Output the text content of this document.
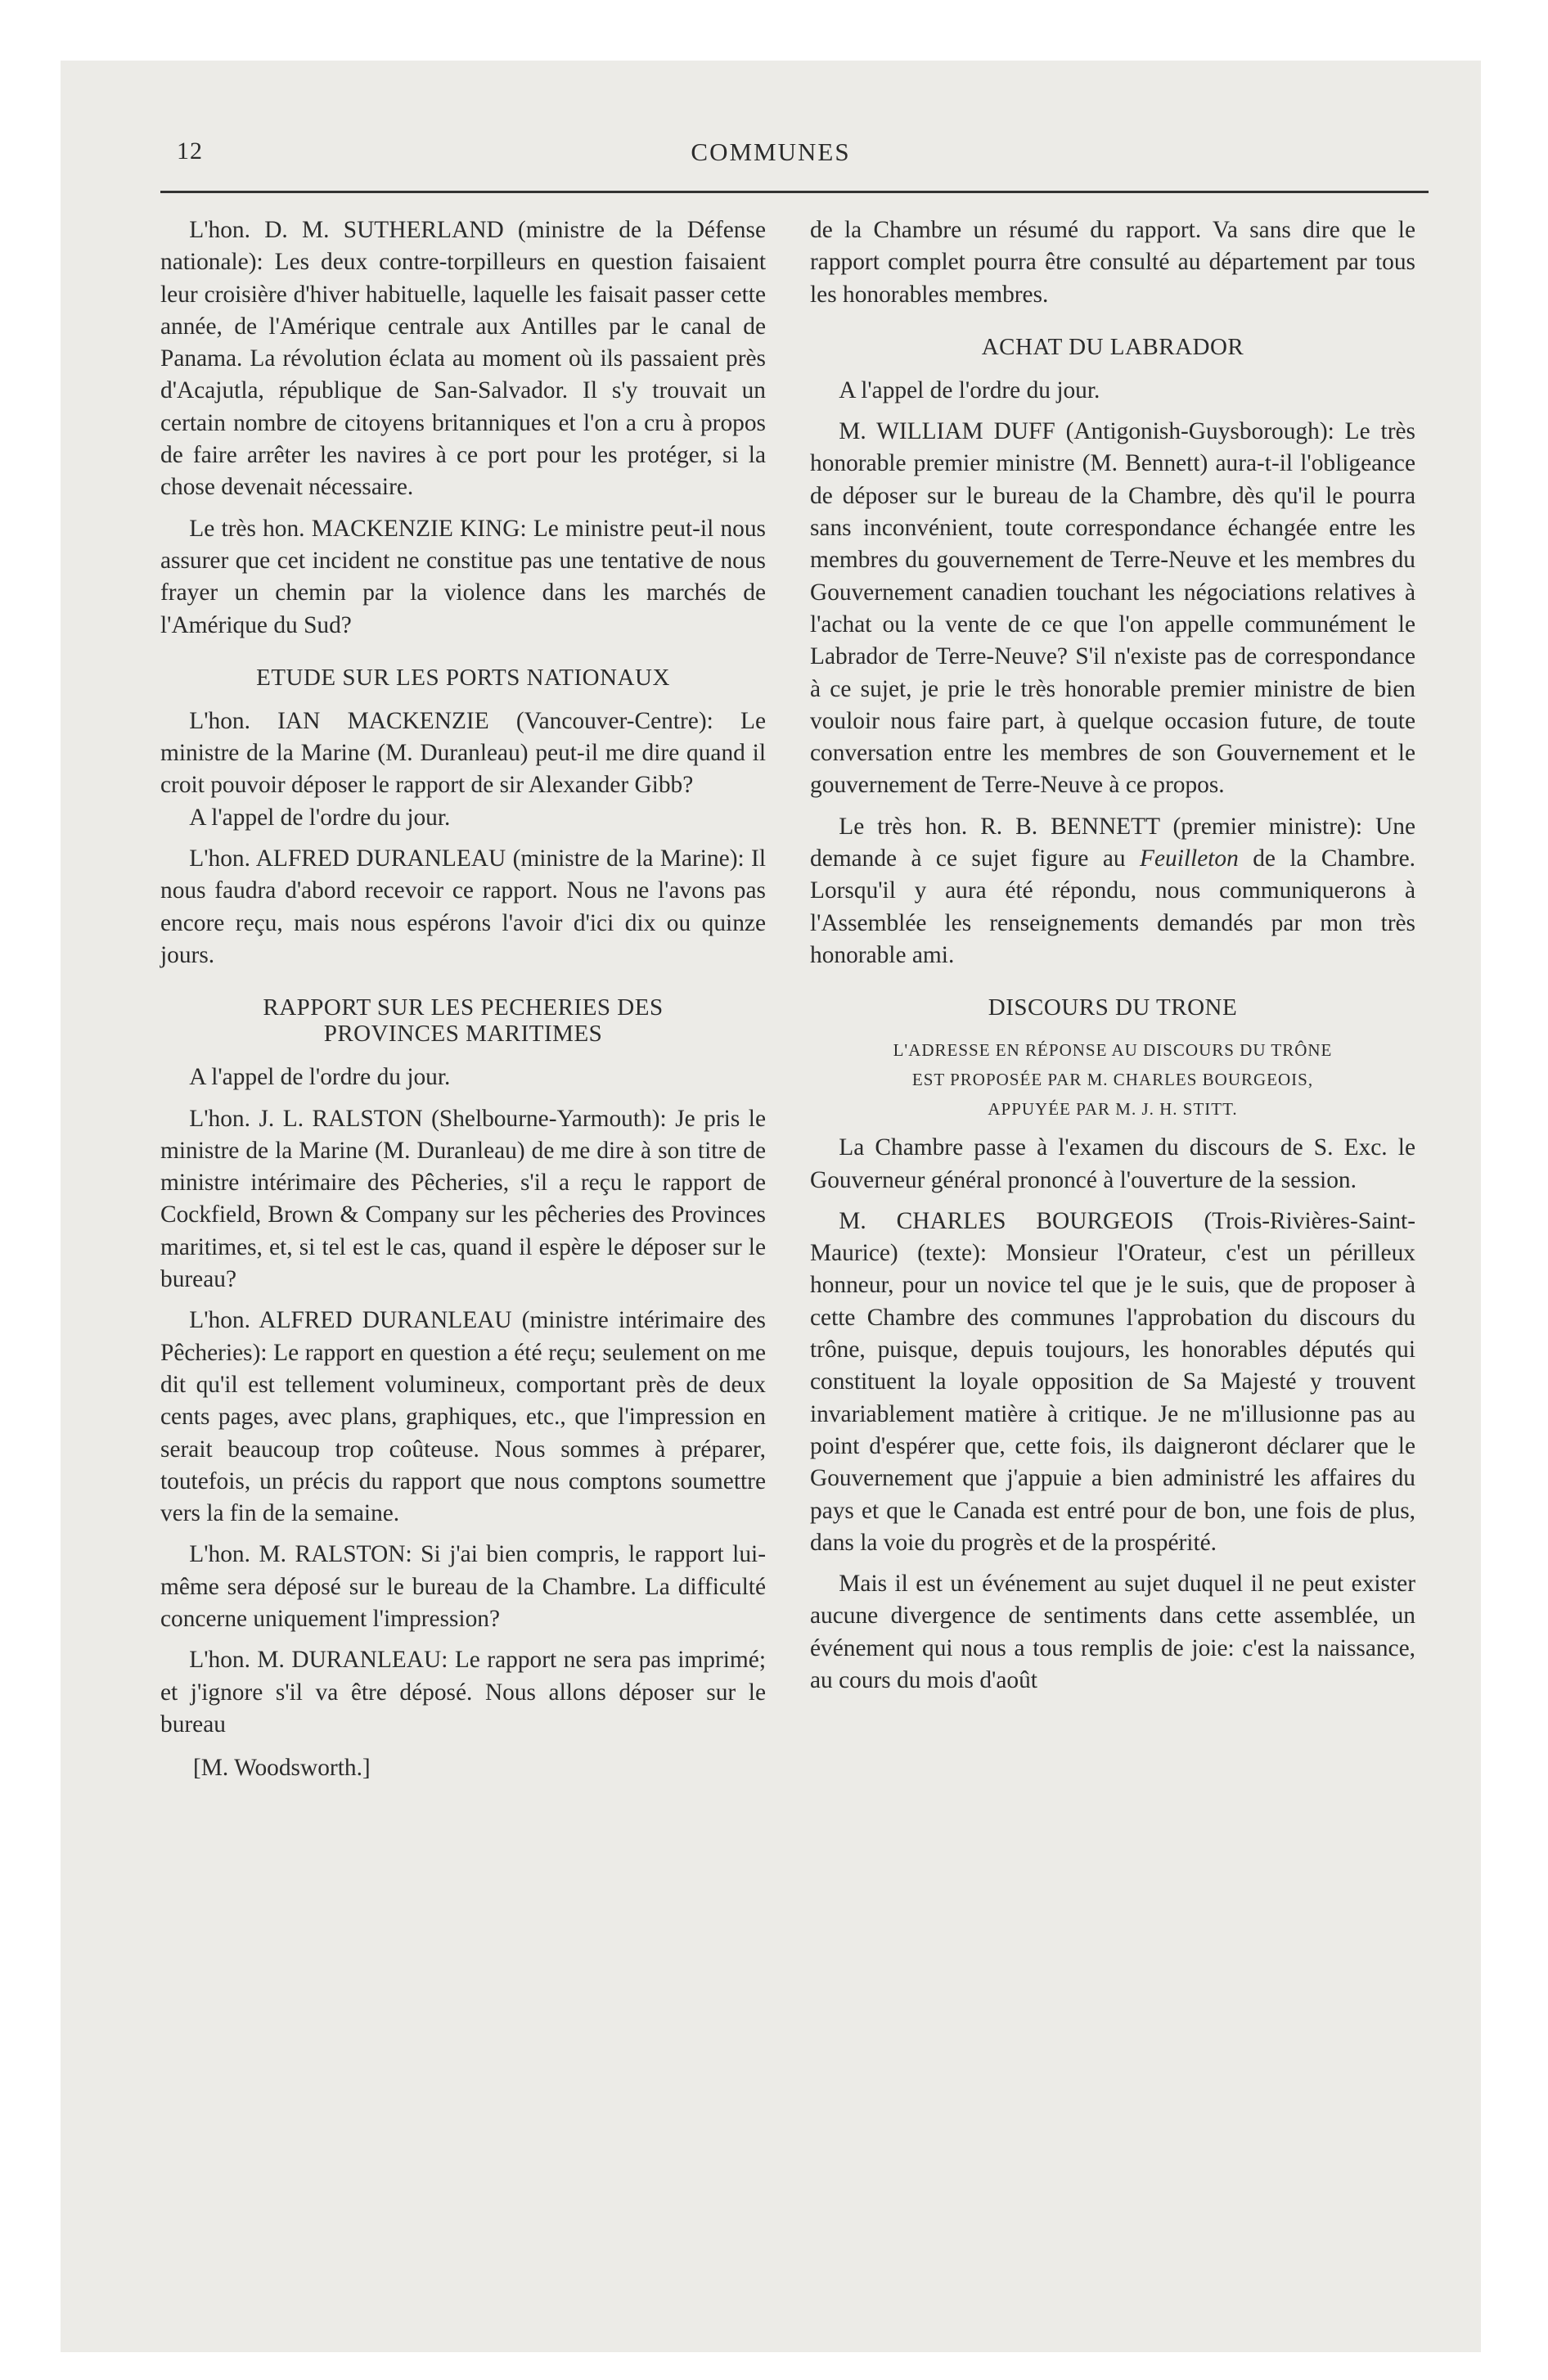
12	COMMUNES

L'hon. D. M. SUTHERLAND (ministre de la Défense nationale): Les deux contre-torpilleurs en question faisaient leur croisière d'hiver habituelle, laquelle les faisait passer cette année, de l'Amérique centrale aux Antilles par le canal de Panama. La révolution éclata au moment où ils passaient près d'Acajutla, république de San-Salvador. Il s'y trouvait un certain nombre de citoyens britanniques et l'on a cru à propos de faire arrêter les navires à ce port pour les protéger, si la chose devenait nécessaire.

Le très hon. MACKENZIE KING: Le ministre peut-il nous assurer que cet incident ne constitue pas une tentative de nous frayer un chemin par la violence dans les marchés de l'Amérique du Sud?

ETUDE SUR LES PORTS NATIONAUX

L'hon. IAN MACKENZIE (Vancouver-Centre): Le ministre de la Marine (M. Duranleau) peut-il me dire quand il croit pouvoir déposer le rapport de sir Alexander Gibb?

A l'appel de l'ordre du jour.

L'hon. ALFRED DURANLEAU (ministre de la Marine): Il nous faudra d'abord recevoir ce rapport. Nous ne l'avons pas encore reçu, mais nous espérons l'avoir d'ici dix ou quinze jours.

RAPPORT SUR LES PECHERIES DES
PROVINCES MARITIMES

A l'appel de l'ordre du jour.

L'hon. J. L. RALSTON (Shelbourne-Yarmouth): Je pris le ministre de la Marine (M. Duranleau) de me dire à son titre de ministre intérimaire des Pêcheries, s'il a reçu le rapport de Cockfield, Brown & Company sur les pêcheries des Provinces maritimes, et, si tel est le cas, quand il espère le déposer sur le bureau?

L'hon. ALFRED DURANLEAU (ministre intérimaire des Pêcheries): Le rapport en question a été reçu; seulement on me dit qu'il est tellement volumineux, comportant près de deux cents pages, avec plans, graphiques, etc., que l'impression en serait beaucoup trop coûteuse. Nous sommes à préparer, toutefois, un précis du rapport que nous comptons soumettre vers la fin de la semaine.

L'hon. M. RALSTON: Si j'ai bien compris, le rapport lui-même sera déposé sur le bureau de la Chambre. La difficulté concerne uniquement l'impression?

L'hon. M. DURANLEAU: Le rapport ne sera pas imprimé; et j'ignore s'il va être déposé. Nous allons déposer sur le bureau

[M. Woodsworth.]

de la Chambre un résumé du rapport. Va sans dire que le rapport complet pourra être consulté au département par tous les honorables membres.

ACHAT DU LABRADOR

A l'appel de l'ordre du jour.

M. WILLIAM DUFF (Antigonish-Guysborough): Le très honorable premier ministre (M. Bennett) aura-t-il l'obligeance de déposer sur le bureau de la Chambre, dès qu'il le pourra sans inconvénient, toute correspondance échangée entre les membres du gouvernement de Terre-Neuve et les membres du Gouvernement canadien touchant les négociations relatives à l'achat ou la vente de ce que l'on appelle communément le Labrador de Terre-Neuve? S'il n'existe pas de correspondance à ce sujet, je prie le très honorable premier ministre de bien vouloir nous faire part, à quelque occasion future, de toute conversation entre les membres de son Gouvernement et le gouvernement de Terre-Neuve à ce propos.

Le très hon. R. B. BENNETT (premier ministre): Une demande à ce sujet figure au Feuilleton de la Chambre. Lorsqu'il y aura été répondu, nous communiquerons à l'Assemblée les renseignements demandés par mon très honorable ami.

DISCOURS DU TRONE
L'ADRESSE EN RÉPONSE AU DISCOURS DU TRÔNE
EST PROPOSÉE PAR M. CHARLES BOURGEOIS,
APPUYÉE PAR M. J. H. STITT.

La Chambre passe à l'examen du discours de S. Exc. le Gouverneur général prononcé à l'ouverture de la session.

M. CHARLES BOURGEOIS (Trois-Rivières-Saint-Maurice) (texte): Monsieur l'Orateur, c'est un périlleux honneur, pour un novice tel que je le suis, que de proposer à cette Chambre des communes l'approbation du discours du trône, puisque, depuis toujours, les honorables députés qui constituent la loyale opposition de Sa Majesté y trouvent invariablement matière à critique. Je ne m'illusionne pas au point d'espérer que, cette fois, ils daigneront déclarer que le Gouvernement que j'appuie a bien administré les affaires du pays et que le Canada est entré pour de bon, une fois de plus, dans la voie du progrès et de la prospérité.

Mais il est un événement au sujet duquel il ne peut exister aucune divergence de sentiments dans cette assemblée, un événement qui nous a tous remplis de joie: c'est la naissance, au cours du mois d'août
